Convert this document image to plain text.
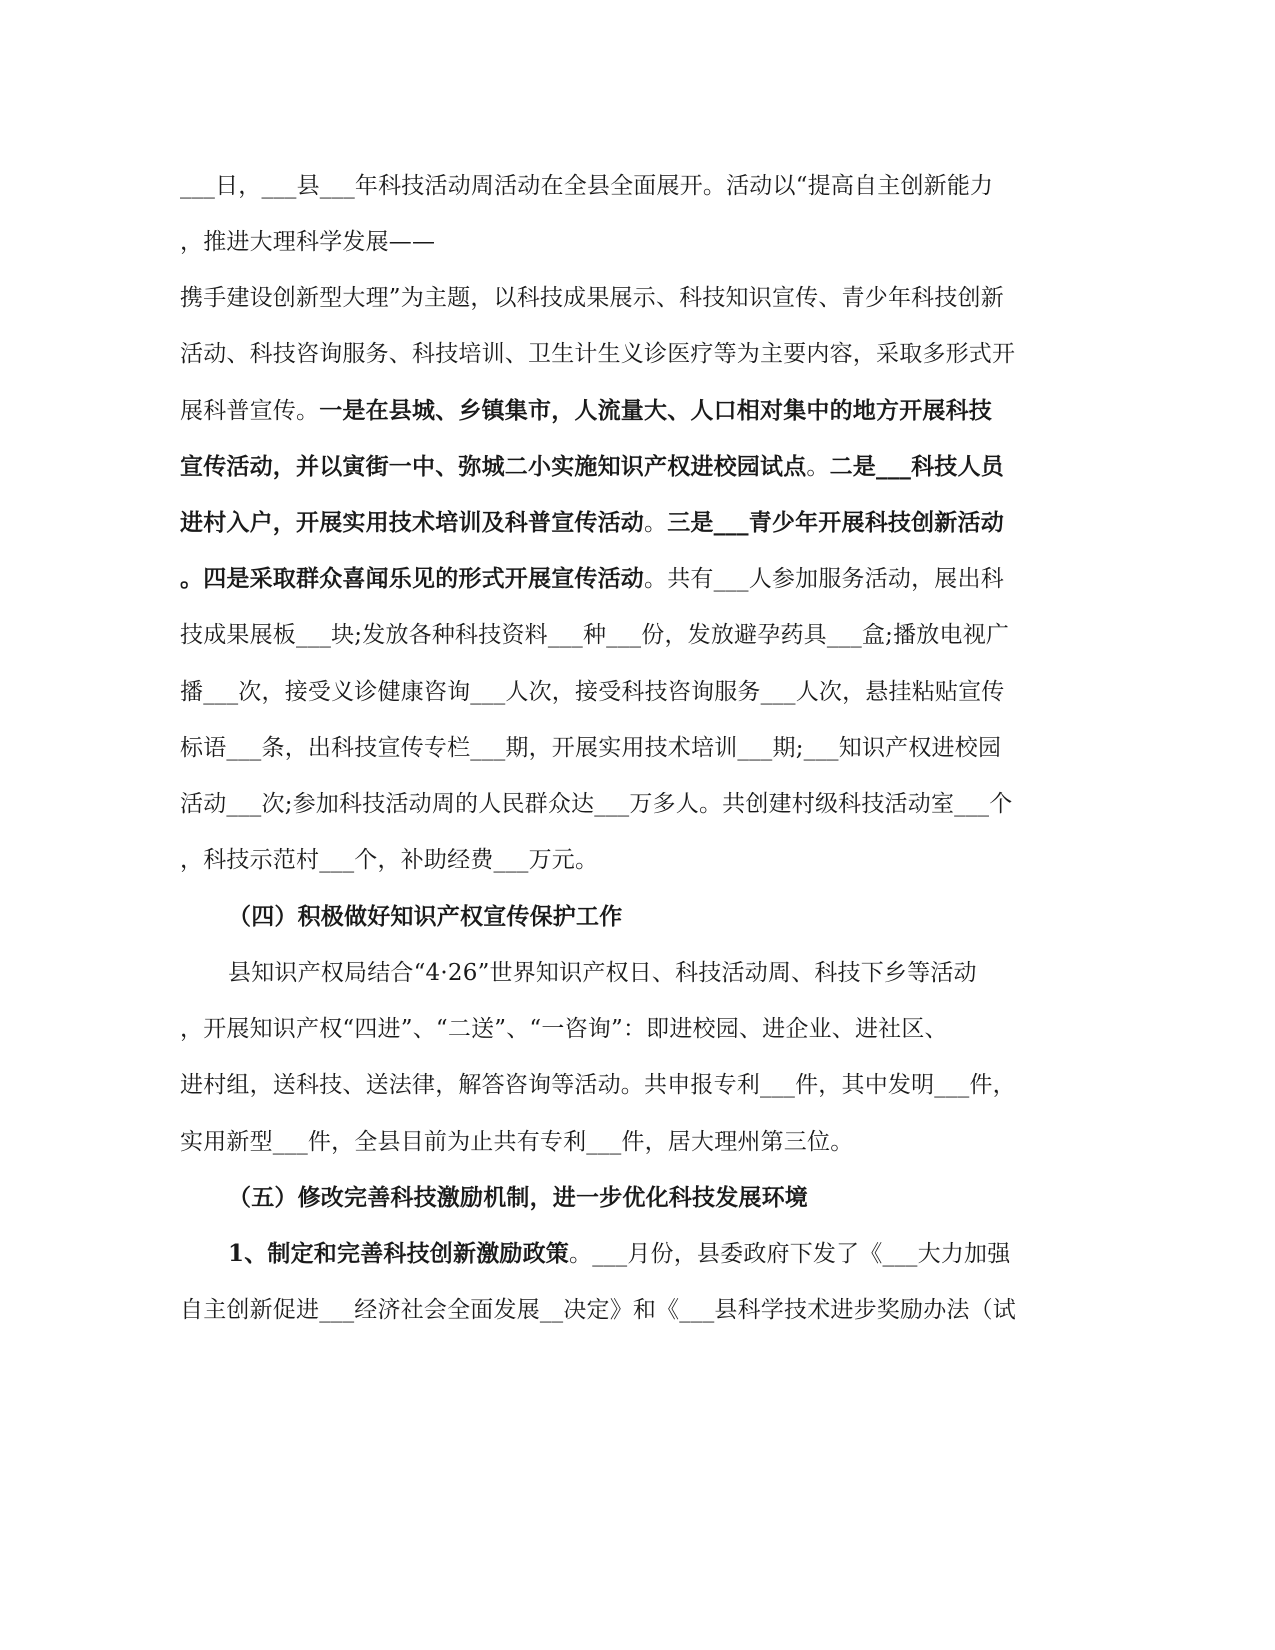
___日，___县___年科技活动周活动在全县全面展开。活动以“提高自主创新能力
，推进大理科学发展——
携手建设创新型大理”为主题，以科技成果展示、科技知识宣传、青少年科技创新
活动、科技咨询服务、科技培训、卫生计生义诊医疗等为主要内容，采取多形式开
展科普宣传。一是在县城、乡镇集市，人流量大、人口相对集中的地方开展科技
宣传活动，并以寅街一中、弥城二小实施知识产权进校园试点。二是___科技人员
进村入户，开展实用技术培训及科普宣传活动。三是___青少年开展科技创新活动
。四是采取群众喜闻乐见的形式开展宣传活动。共有___人参加服务活动，展出科
技成果展板___块;发放各种科技资料___种___份，发放避孕药具___盒;播放电视广
播___次，接受义诊健康咨询___人次，接受科技咨询服务___人次，悬挂粘贴宣传
标语___条，出科技宣传专栏___期，开展实用技术培训___期;___知识产权进校园
活动___次;参加科技活动周的人民群众达___万多人。共创建村级科技活动室___个
，科技示范村___个，补助经费___万元。
（四）积极做好知识产权宣传保护工作
县知识产权局结合“4·26”世界知识产权日、科技活动周、科技下乡等活动
，开展知识产权“四进”、“二送”、“一咨询”：即进校园、进企业、进社区、
进村组，送科技、送法律，解答咨询等活动。共申报专利___件，其中发明___件，
实用新型___件，全县目前为止共有专利___件，居大理州第三位。
（五）修改完善科技激励机制，进一步优化科技发展环境
1、制定和完善科技创新激励政策。___月份，县委政府下发了《___大力加强
自主创新促进___经济社会全面发展__决定》和《___县科学技术进步奖励办法（试
